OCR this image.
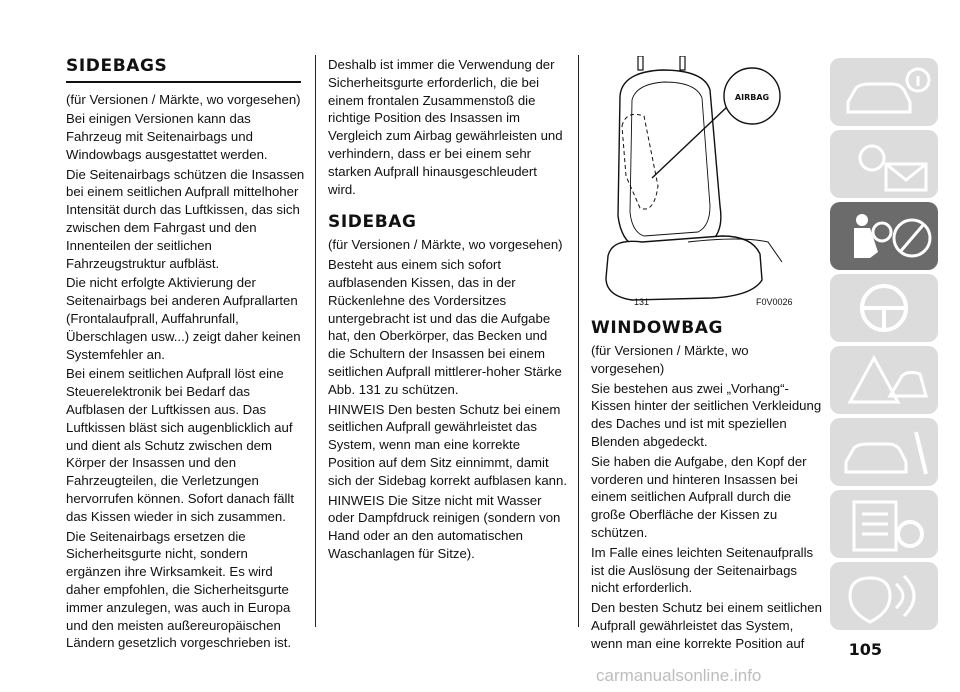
SIDEBAGS

(für Versionen / Märkte, wo vorgesehen)

Bei einigen Versionen kann das Fahrzeug mit Seitenairbags und Windowbags ausgestattet werden.

Die Seitenairbags schützen die Insassen bei einem seitlichen Aufprall mittelhoher Intensität durch das Luftkissen, das sich zwischen dem Fahrgast und den Innenteilen der seitlichen Fahrzeugstruktur aufbläst.

Die nicht erfolgte Aktivierung der Seitenairbags bei anderen Aufprallarten (Frontalaufprall, Auffahrunfall, Überschlagen usw...) zeigt daher keinen Systemfehler an.

Bei einem seitlichen Aufprall löst eine Steuerelektronik bei Bedarf das Aufblasen der Luftkissen aus. Das Luftkissen bläst sich augenblicklich auf und dient als Schutz zwischen dem Körper der Insassen und den Fahrzeugteilen, die Verletzungen hervorrufen können. Sofort danach fällt das Kissen wieder in sich zusammen.

Die Seitenairbags ersetzen die Sicherheitsgurte nicht, sondern ergänzen ihre Wirksamkeit. Es wird daher empfohlen, die Sicherheitsgurte immer anzulegen, was auch in Europa und den meisten außereuropäischen Ländern gesetzlich vorgeschrieben ist.

Deshalb ist immer die Verwendung der Sicherheitsgurte erforderlich, die bei einem frontalen Zusammenstoß die richtige Position des Insassen im Vergleich zum Airbag gewährleisten und verhindern, dass er bei einem sehr starken Aufprall hinausgeschleudert wird.

SIDEBAG

(für Versionen / Märkte, wo vorgesehen)

Besteht aus einem sich sofort aufblasenden Kissen, das in der Rückenlehne des Vordersitzes untergebracht ist und das die Aufgabe hat, den Oberkörper, das Becken und die Schultern der Insassen bei einem seitlichen Aufprall mittlerer-hoher Stärke Abb. 131 zu schützen.

HINWEIS Den besten Schutz bei einem seitlichen Aufprall gewährleistet das System, wenn man eine korrekte Position auf dem Sitz einnimmt, damit sich der Sidebag korrekt aufblasen kann.

HINWEIS Die Sitze nicht mit Wasser oder Dampfdruck reinigen (sondern von Hand oder an den automatischen Waschanlagen für Sitze).

AIRBAG
131	F0V0026
WINDOWBAG

(für Versionen / Märkte, wo vorgesehen)

Sie bestehen aus zwei „Vorhang“-Kissen hinter der seitlichen Verkleidung des Daches und ist mit speziellen Blenden abgedeckt.

Sie haben die Aufgabe, den Kopf der vorderen und hinteren Insassen bei einem seitlichen Aufprall durch die große Oberfläche der Kissen zu schützen.

Im Falle eines leichten Seitenaufpralls ist die Auslösung der Seitenairbags nicht erforderlich.

Den besten Schutz bei einem seitlichen Aufprall gewährleistet das System, wenn man eine korrekte Position auf	105
carmanualsonline.info
